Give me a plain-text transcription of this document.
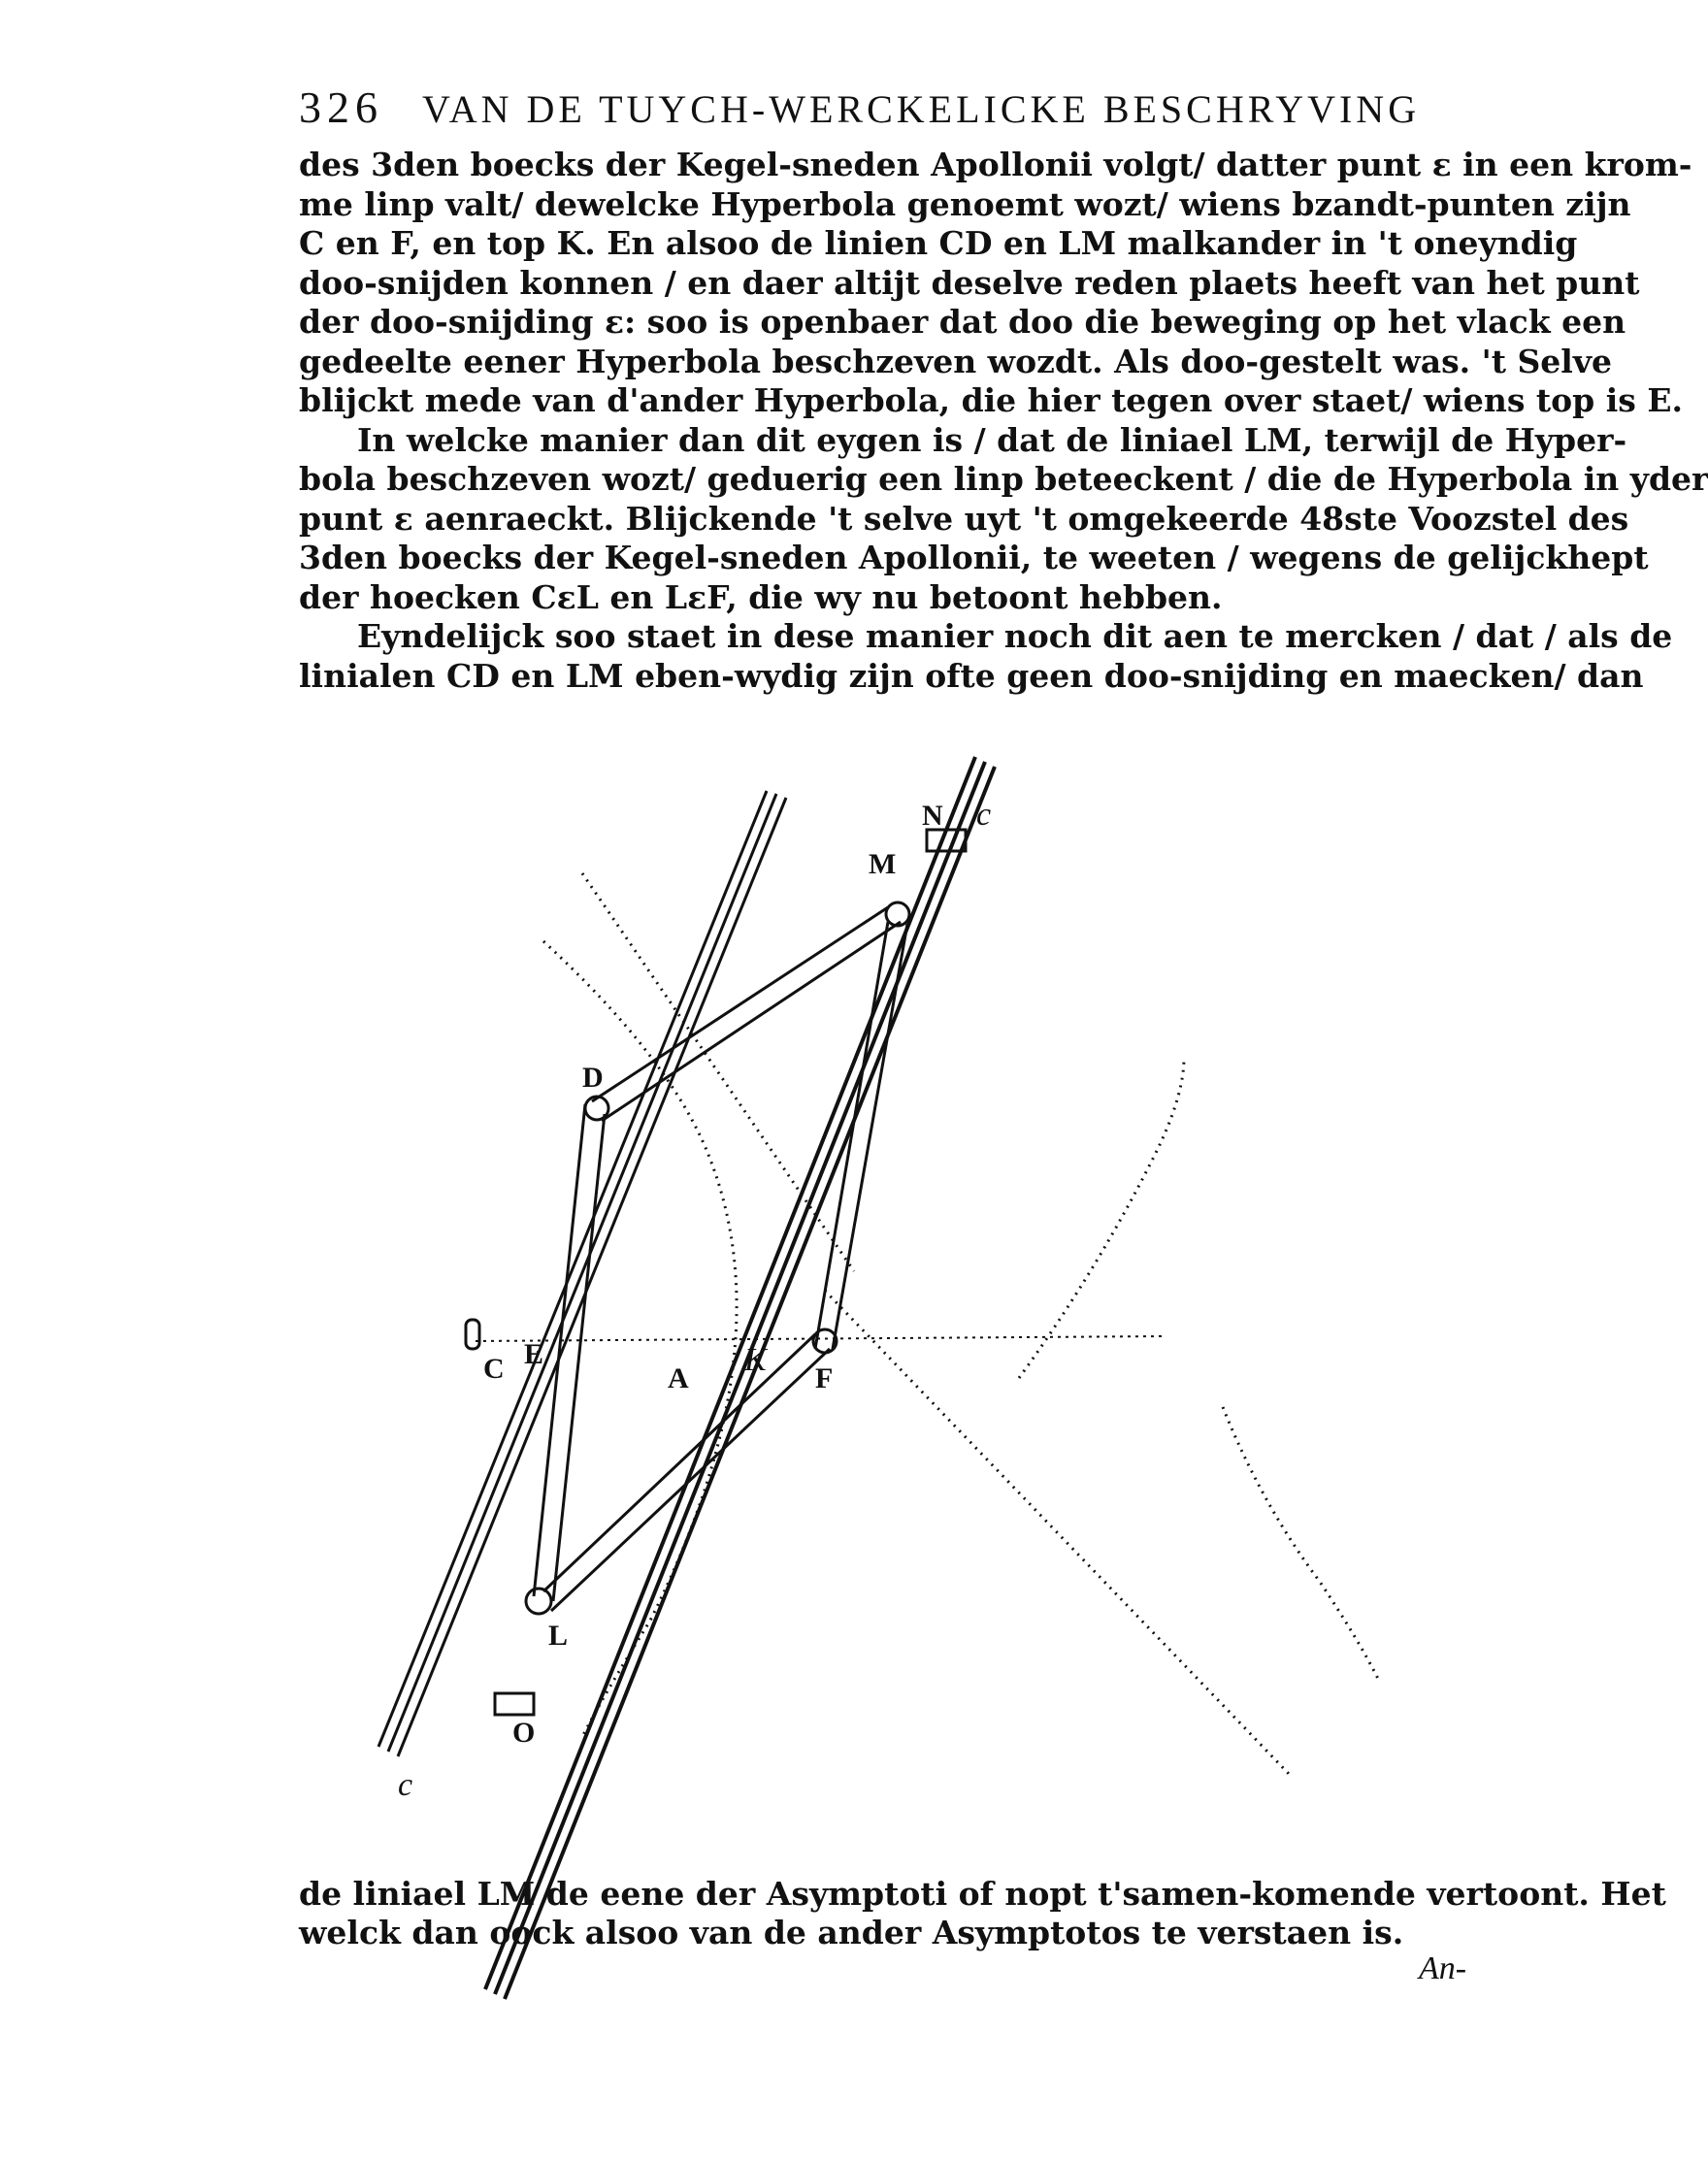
326 VAN DE TUYCH-WERCKELICKE BESCHRYVING
des 3den boecks der Kegel-sneden Apollonii volgt/ datter punt ε in een krom-
me linp valt/ dewelcke Hyperbola genoemt wozt/ wiens bzandt-punten zijn
C en F, en top K. En alsoo de linien CD en LM malkander in 't oneyndig
doo-snijden konnen / en daer altijt deselve reden plaets heeft van het punt
der doo-snijding ε: soo is openbaer dat doo die beweging op het vlack een
gedeelte eener Hyperbola beschzeven wozdt. Als doo-gestelt was. 't Selve
blijckt mede van d'ander Hyperbola, die hier tegen over staet/ wiens top is E.
In welcke manier dan dit eygen is / dat de liniael LM, terwijl de Hyper-
bola beschzeven wozt/ geduerig een linp beteeckent / die de Hyperbola in yder
punt ε aenraeckt. Blijckende 't selve uyt 't omgekeerde 48ste Voozstel des
3den boecks der Kegel-sneden Apollonii, te weeten / wegens de gelijckhept
der hoecken CεL en LεF, die wy nu betoont hebben.
Eyndelijck soo staet in dese manier noch dit aen te mercken / dat / als de
linialen CD en LM eben-wydig zijn ofte geen doo-snijding en maecken/ dan
N c
M
D
C E
A
K
F
L
O
c
de liniael LM de eene der Asymptoti of nopt t'samen-komende vertoont. Het
welck dan oock alsoo van de ander Asymptotos te verstaen is.
An-
